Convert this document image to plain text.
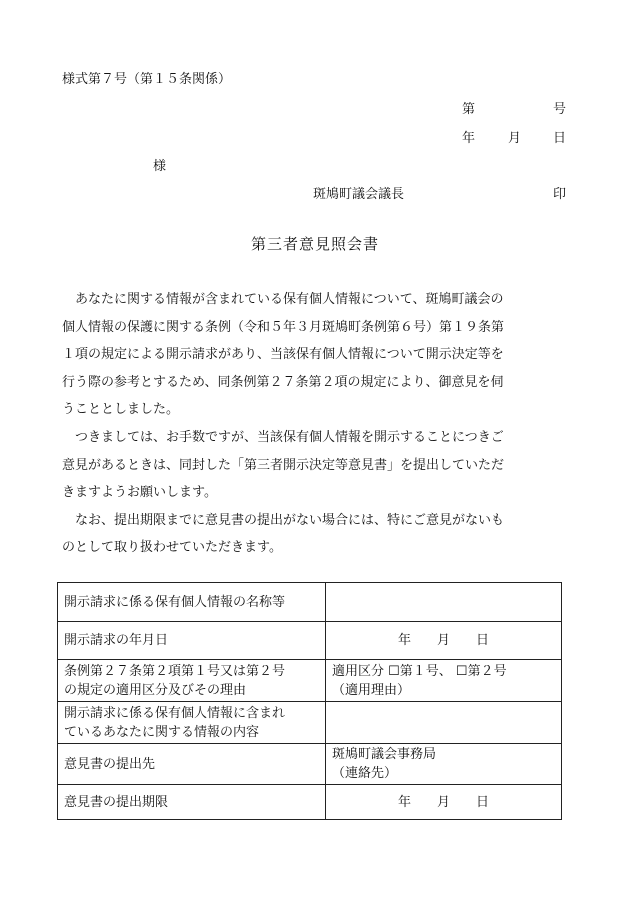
様式第７号（第１５条関係）
第	号
年	月 日
様
斑鳩町議会議長	印
第三者意見照会書
　あなたに関する情報が含まれている保有個人情報について、斑鳩町議会の
個人情報の保護に関する条例（令和５年３月斑鳩町条例第６号）第１９条第
１項の規定による開示請求があり、当該保有個人情報について開示決定等を
行う際の参考とするため、同条例第２７条第２項の規定により、御意見を伺
うこととしました。
　つきましては、お手数ですが、当該保有個人情報を開示することにつきご
意見があるときは、同封した「第三者開示決定等意見書」を提出していただ
きますようお願いします。
　なお、提出期限までに意見書の提出がない場合には、特にご意見がないも
のとして取り扱わせていただきます。
開示請求に係る保有個人情報の名称等	
開示請求の年月日	年　　月　　日

条例第２７条第２項第１号又は第２号
の規定の適用区分及びその理由	適用区分 ☐第１号、 ☐第２号
（適用理由）

開示請求に係る保有個人情報に含まれ
ているあなたに関する情報の内容	

意見書の提出先	斑鳩町議会事務局
（連絡先）

意見書の提出期限	年　　月　　日
